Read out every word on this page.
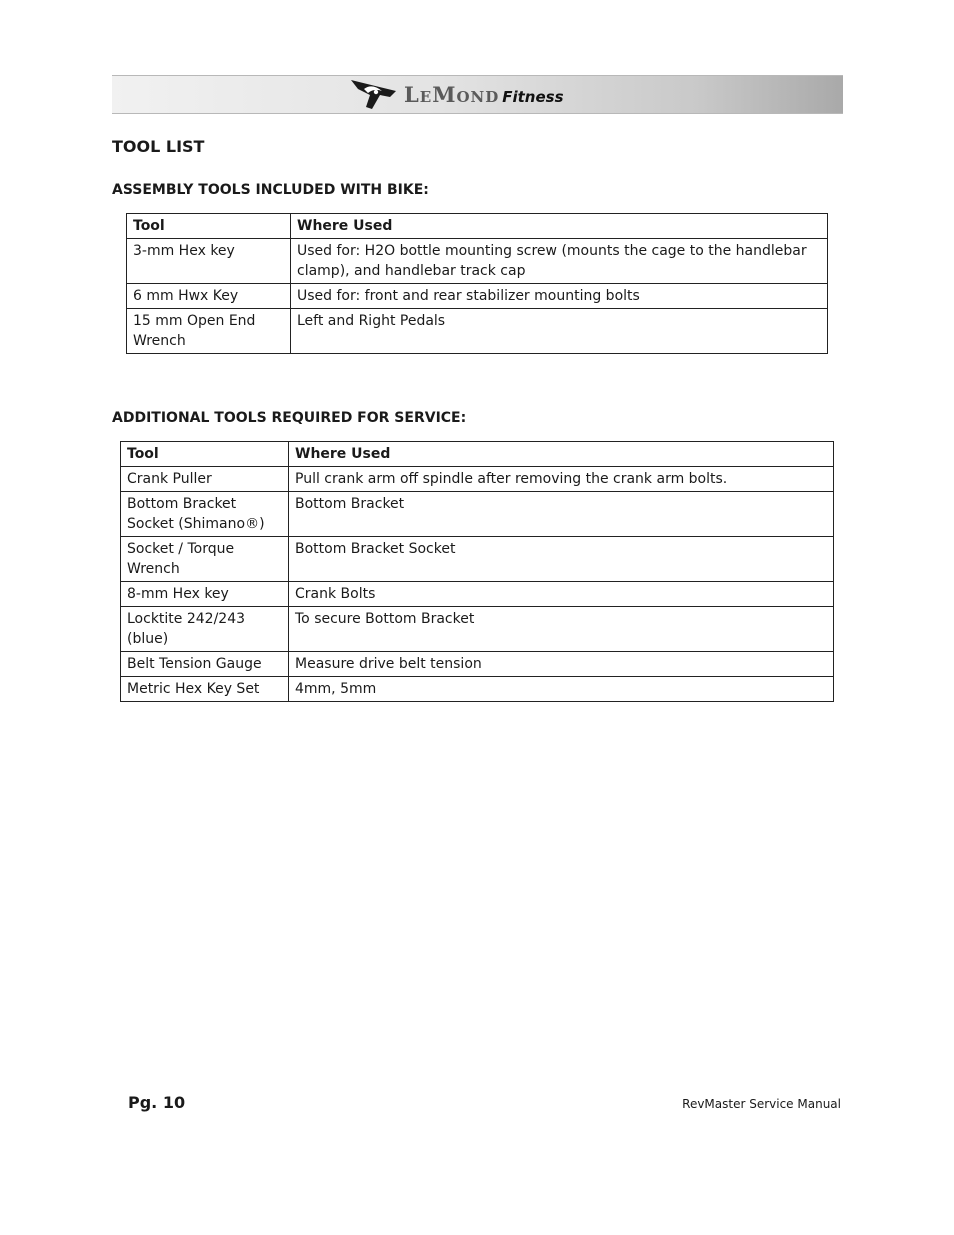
LeMond Fitness
TOOL LIST
ASSEMBLY TOOLS INCLUDED WITH BIKE:
Tool	Where Used
3-mm Hex key	Used for: H2O bottle mounting screw (mounts the cage to the handlebar clamp), and handlebar track cap
6 mm Hwx Key	Used for: front and rear stabilizer mounting bolts
15 mm Open End Wrench	Left and Right Pedals
ADDITIONAL TOOLS REQUIRED FOR SERVICE:
Tool	Where Used
Crank Puller	Pull crank arm off spindle after removing the crank arm bolts.
Bottom Bracket Socket (Shimano®)	Bottom Bracket
Socket / Torque Wrench	Bottom Bracket Socket
8-mm Hex key	Crank Bolts
Locktite 242/243 (blue)	To secure Bottom Bracket
Belt Tension Gauge	Measure drive belt tension
Metric Hex Key Set	4mm, 5mm

Pg. 10	RevMaster Service Manual
